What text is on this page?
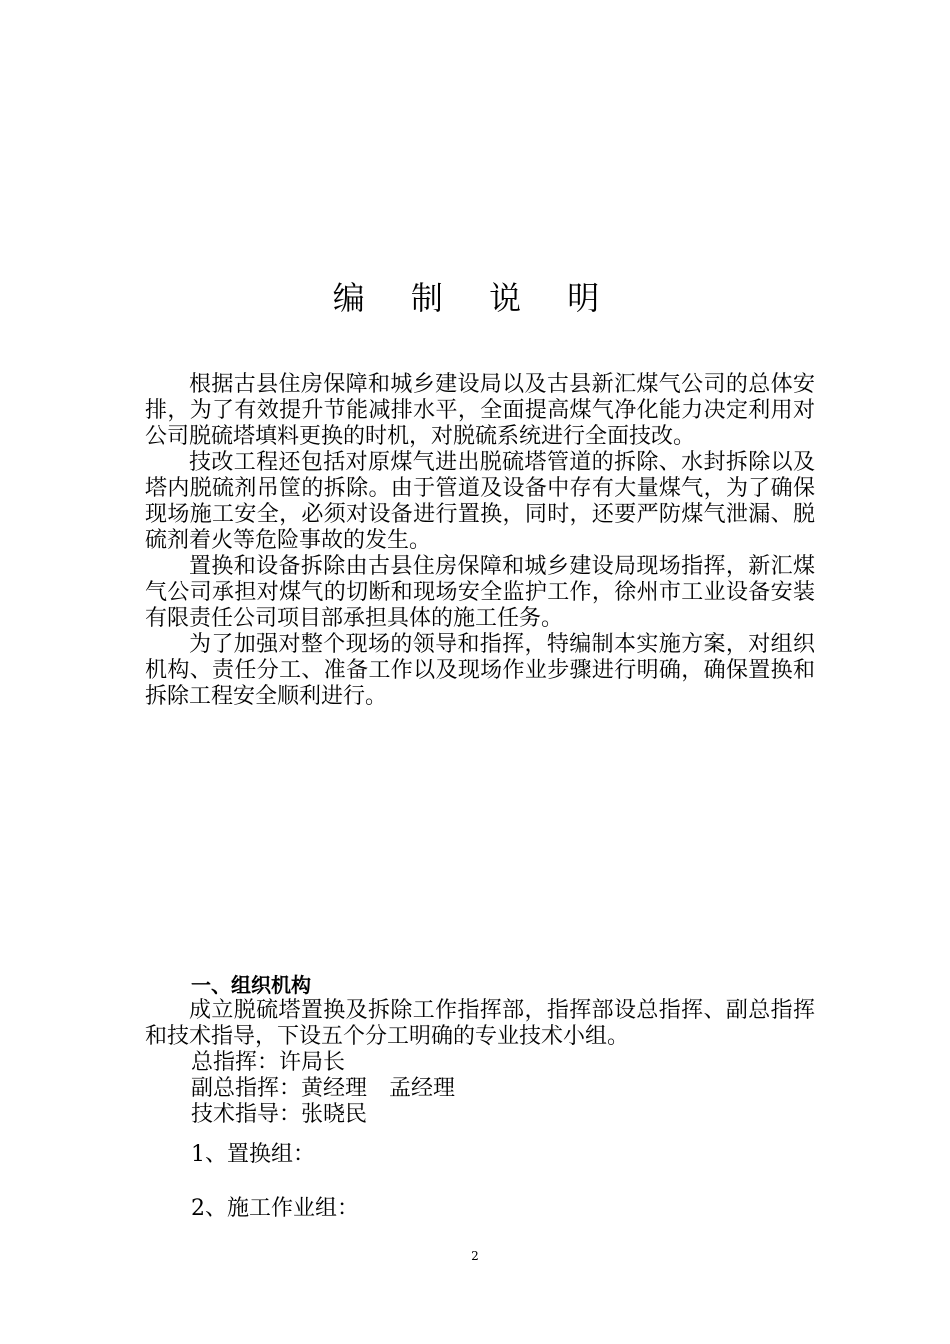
编 制 说 明

根据古县住房保障和城乡建设局以及古县新汇煤气公司的总体安排，为了有效提升节能减排水平，全面提高煤气净化能力决定利用对公司脱硫塔填料更换的时机，对脱硫系统进行全面技改。

技改工程还包括对原煤气进出脱硫塔管道的拆除、水封拆除以及塔内脱硫剂吊筐的拆除。由于管道及设备中存有大量煤气，为了确保现场施工安全，必须对设备进行置换，同时，还要严防煤气泄漏、脱硫剂着火等危险事故的发生。

置换和设备拆除由古县住房保障和城乡建设局现场指挥，新汇煤气公司承担对煤气的切断和现场安全监护工作，徐州市工业设备安装有限责任公司项目部承担具体的施工任务。

为了加强对整个现场的领导和指挥，特编制本实施方案，对组织机构、责任分工、准备工作以及现场作业步骤进行明确，确保置换和拆除工程安全顺利进行。

一、组织机构

成立脱硫塔置换及拆除工作指挥部，指挥部设总指挥、副总指挥和技术指导，下设五个分工明确的专业技术小组。

总指挥：许局长

副总指挥：黄经理　孟经理

技术指导：张晓民

1、置换组：

2、施工作业组：

2
